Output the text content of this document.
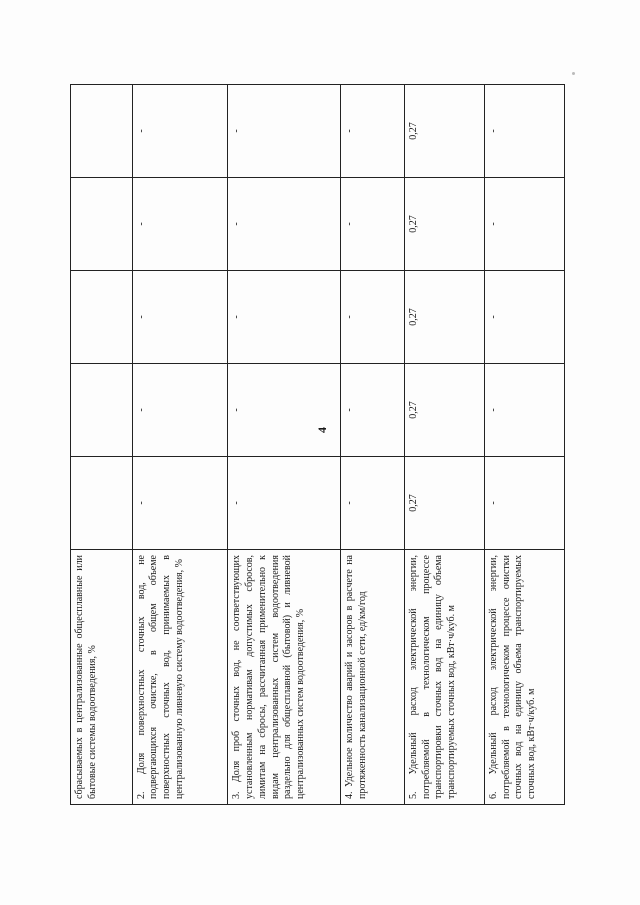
4
сбрасываемых в централизованные общесплавные или бытовые системы водоотведения, %					
2. Доля поверхностных сточных вод, не подвергающихся очистке, в общем объеме поверхностных сточных вод, принимаемых в централизованную ливневую систему водоотведения, %	-	-	-	-	-
3. Доля проб сточных вод, не соответствующих установленным нормативам допустимых сбросов, лимитам на сбросы, рассчитанная применительно к видам централизованных систем водоотведения раздельно для общесплавной (бытовой) и ливневой централизованных систем водоотведения, %	-	-	-	-	-
4. Удельное количество аварий и засоров в расчете на протяженность канализационной сети, ед/км/год	-	-	-	-	-
5. Удельный расход электрической энергии, потребляемой в технологическом процессе транспортировки сточных вод на единицу объема транспортируемых сточных вод, кВт·ч/куб. м	0,27	0,27	0,27	0,27	0,27
6. Удельный расход электрической энергии, потребляемой в технологическом процессе очистки сточных вод на единицу объема транспортируемых сточных вод, кВт·ч/куб. м	-	-	-	-	-
